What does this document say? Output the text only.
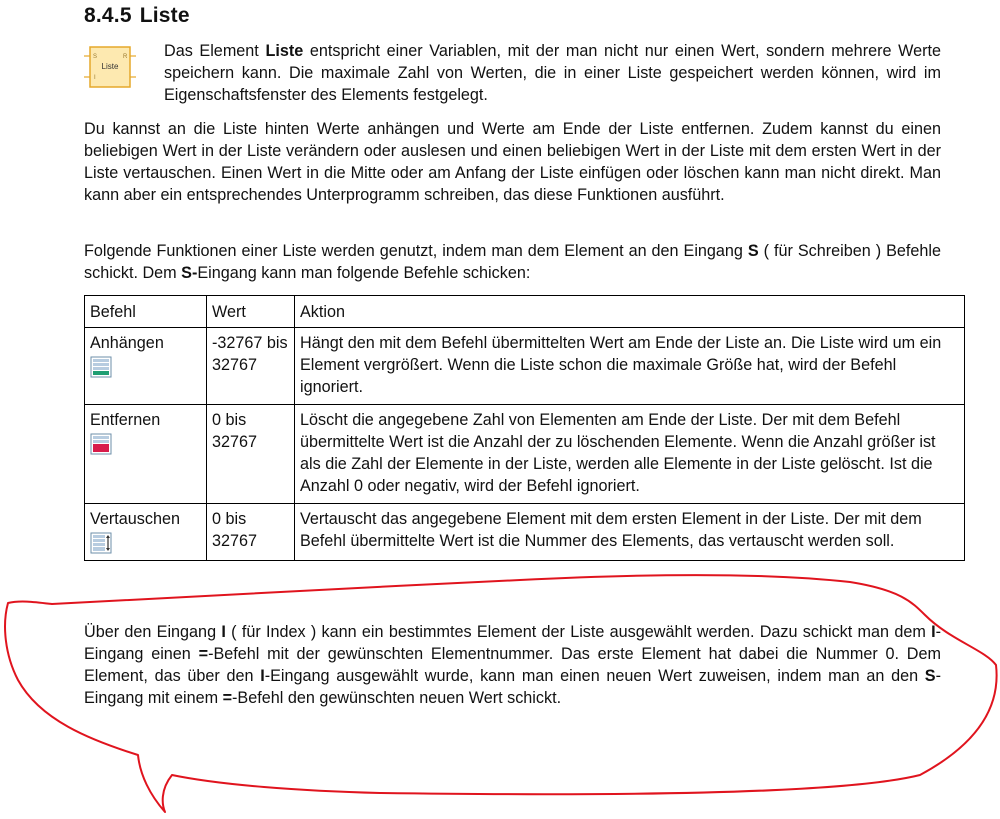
8.4.5 Liste
S	R
I
Liste

Das Element Liste entspricht einer Variablen, mit der man nicht nur einen Wert, sondern mehrere Werte speichern kann. Die maximale Zahl von Werten, die in einer Liste gespeichert werden können, wird im Eigenschaftsfenster des Elements festgelegt.

Du kannst an die Liste hinten Werte anhängen und Werte am Ende der Liste entfernen. Zudem kannst du einen beliebigen Wert in der Liste verändern oder auslesen und einen beliebigen Wert in der Liste mit dem ersten Wert in der Liste vertauschen. Einen Wert in die Mitte oder am Anfang der Liste einfügen oder löschen kann man nicht direkt. Man kann aber ein entsprechendes Unterprogramm schreiben, das diese Funktionen ausführt.

Folgende Funktionen einer Liste werden genutzt, indem man dem Element an den Eingang S ( für Schreiben ) Befehle schickt. Dem S-Eingang kann man folgende Befehle schicken:

Befehl	Wert	Aktion
Anhängen	-32767 bis 32767	Hängt den mit dem Befehl übermittelten Wert am Ende der Liste an. Die Liste wird um ein Element vergrößert. Wenn die Liste schon die maximale Größe hat, wird der Befehl ignoriert.
Entfernen	0 bis 32767	Löscht die angegebene Zahl von Elementen am Ende der Liste. Der mit dem Befehl übermittelte Wert ist die Anzahl der zu löschenden Elemente. Wenn die Anzahl größer ist als die Zahl der Elemente in der Liste, werden alle Elemente in der Liste gelöscht. Ist die Anzahl 0 oder negativ, wird der Befehl ignoriert.
Vertauschen	0 bis 32767	Vertauscht das angegebene Element mit dem ersten Element in der Liste. Der mit dem Befehl übermittelte Wert ist die Nummer des Elements, das vertauscht werden soll.

Über den Eingang I ( für Index ) kann ein bestimmtes Element der Liste ausgewählt werden. Dazu schickt man dem I-Eingang einen =-Befehl mit der gewünschten Elementnummer. Das erste Element hat dabei die Nummer 0. Dem Element, das über den I-Eingang ausgewählt wurde, kann man einen neuen Wert zuweisen, indem man an den S-Eingang mit einem =-Befehl den gewünschten neuen Wert schickt.
